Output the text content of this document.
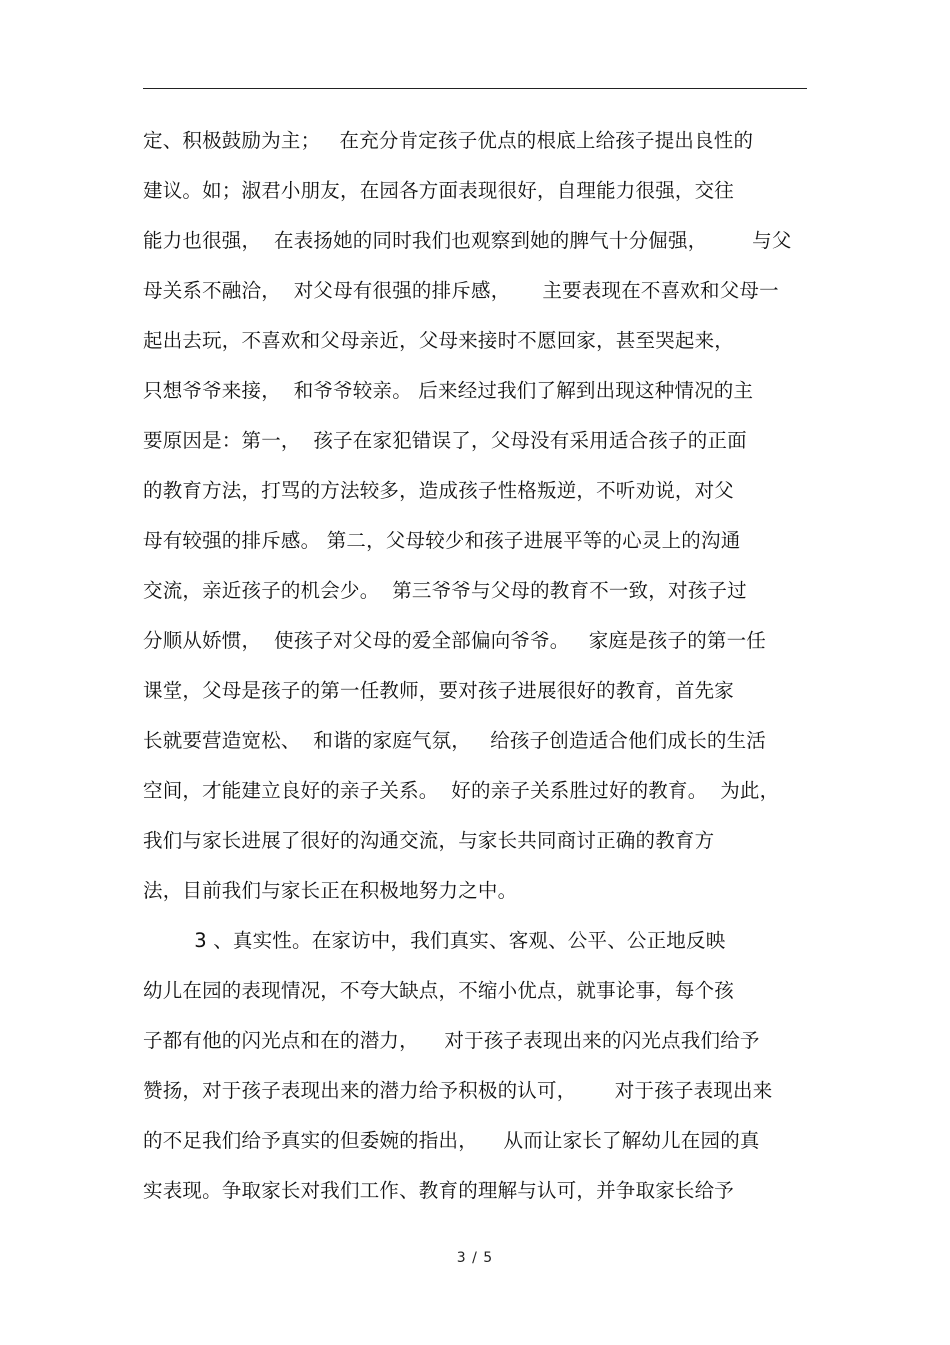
定、积极鼓励为主；   在充分肯定孩子优点的根底上给孩子提出良性的
建议。如；淑君小朋友，在园各方面表现很好，自理能力很强，交往
能力也很强，  在表扬她的同时我们也观察到她的脾气十分倔强，       与父
母关系不融洽，  对父母有很强的排斥感，     主要表现在不喜欢和父母一
起出去玩，不喜欢和父母亲近，父母来接时不愿回家，甚至哭起来，
只想爷爷来接，  和爷爷较亲。 后来经过我们了解到出现这种情况的主
要原因是：第一，  孩子在家犯错误了，父母没有采用适合孩子的正面
的教育方法，打骂的方法较多，造成孩子性格叛逆，不听劝说，对父
母有较强的排斥感。 第二，父母较少和孩子进展平等的心灵上的沟通
交流，亲近孩子的机会少。  第三爷爷与父母的教育不一致，对孩子过
分顺从娇惯，  使孩子对父母的爱全部偏向爷爷。   家庭是孩子的第一任
课堂，父母是孩子的第一任教师，要对孩子进展很好的教育，首先家
长就要营造宽松、  和谐的家庭气氛，   给孩子创造适合他们成长的生活
空间，才能建立良好的亲子关系。  好的亲子关系胜过好的教育。  为此，
我们与家长进展了很好的沟通交流，与家长共同商讨正确的教育方
法，目前我们与家长正在积极地努力之中。
3 、真实性。在家访中，我们真实、客观、公平、公正地反映
幼儿在园的表现情况，不夸大缺点，不缩小优点，就事论事，每个孩
子都有他的闪光点和在的潜力，    对于孩子表现出来的闪光点我们给予
赞扬，对于孩子表现出来的潜力给予积极的认可，      对于孩子表现出来
的不足我们给予真实的但委婉的指出，    从而让家长了解幼儿在园的真
实表现。争取家长对我们工作、教育的理解与认可，并争取家长给予
3 / 5
